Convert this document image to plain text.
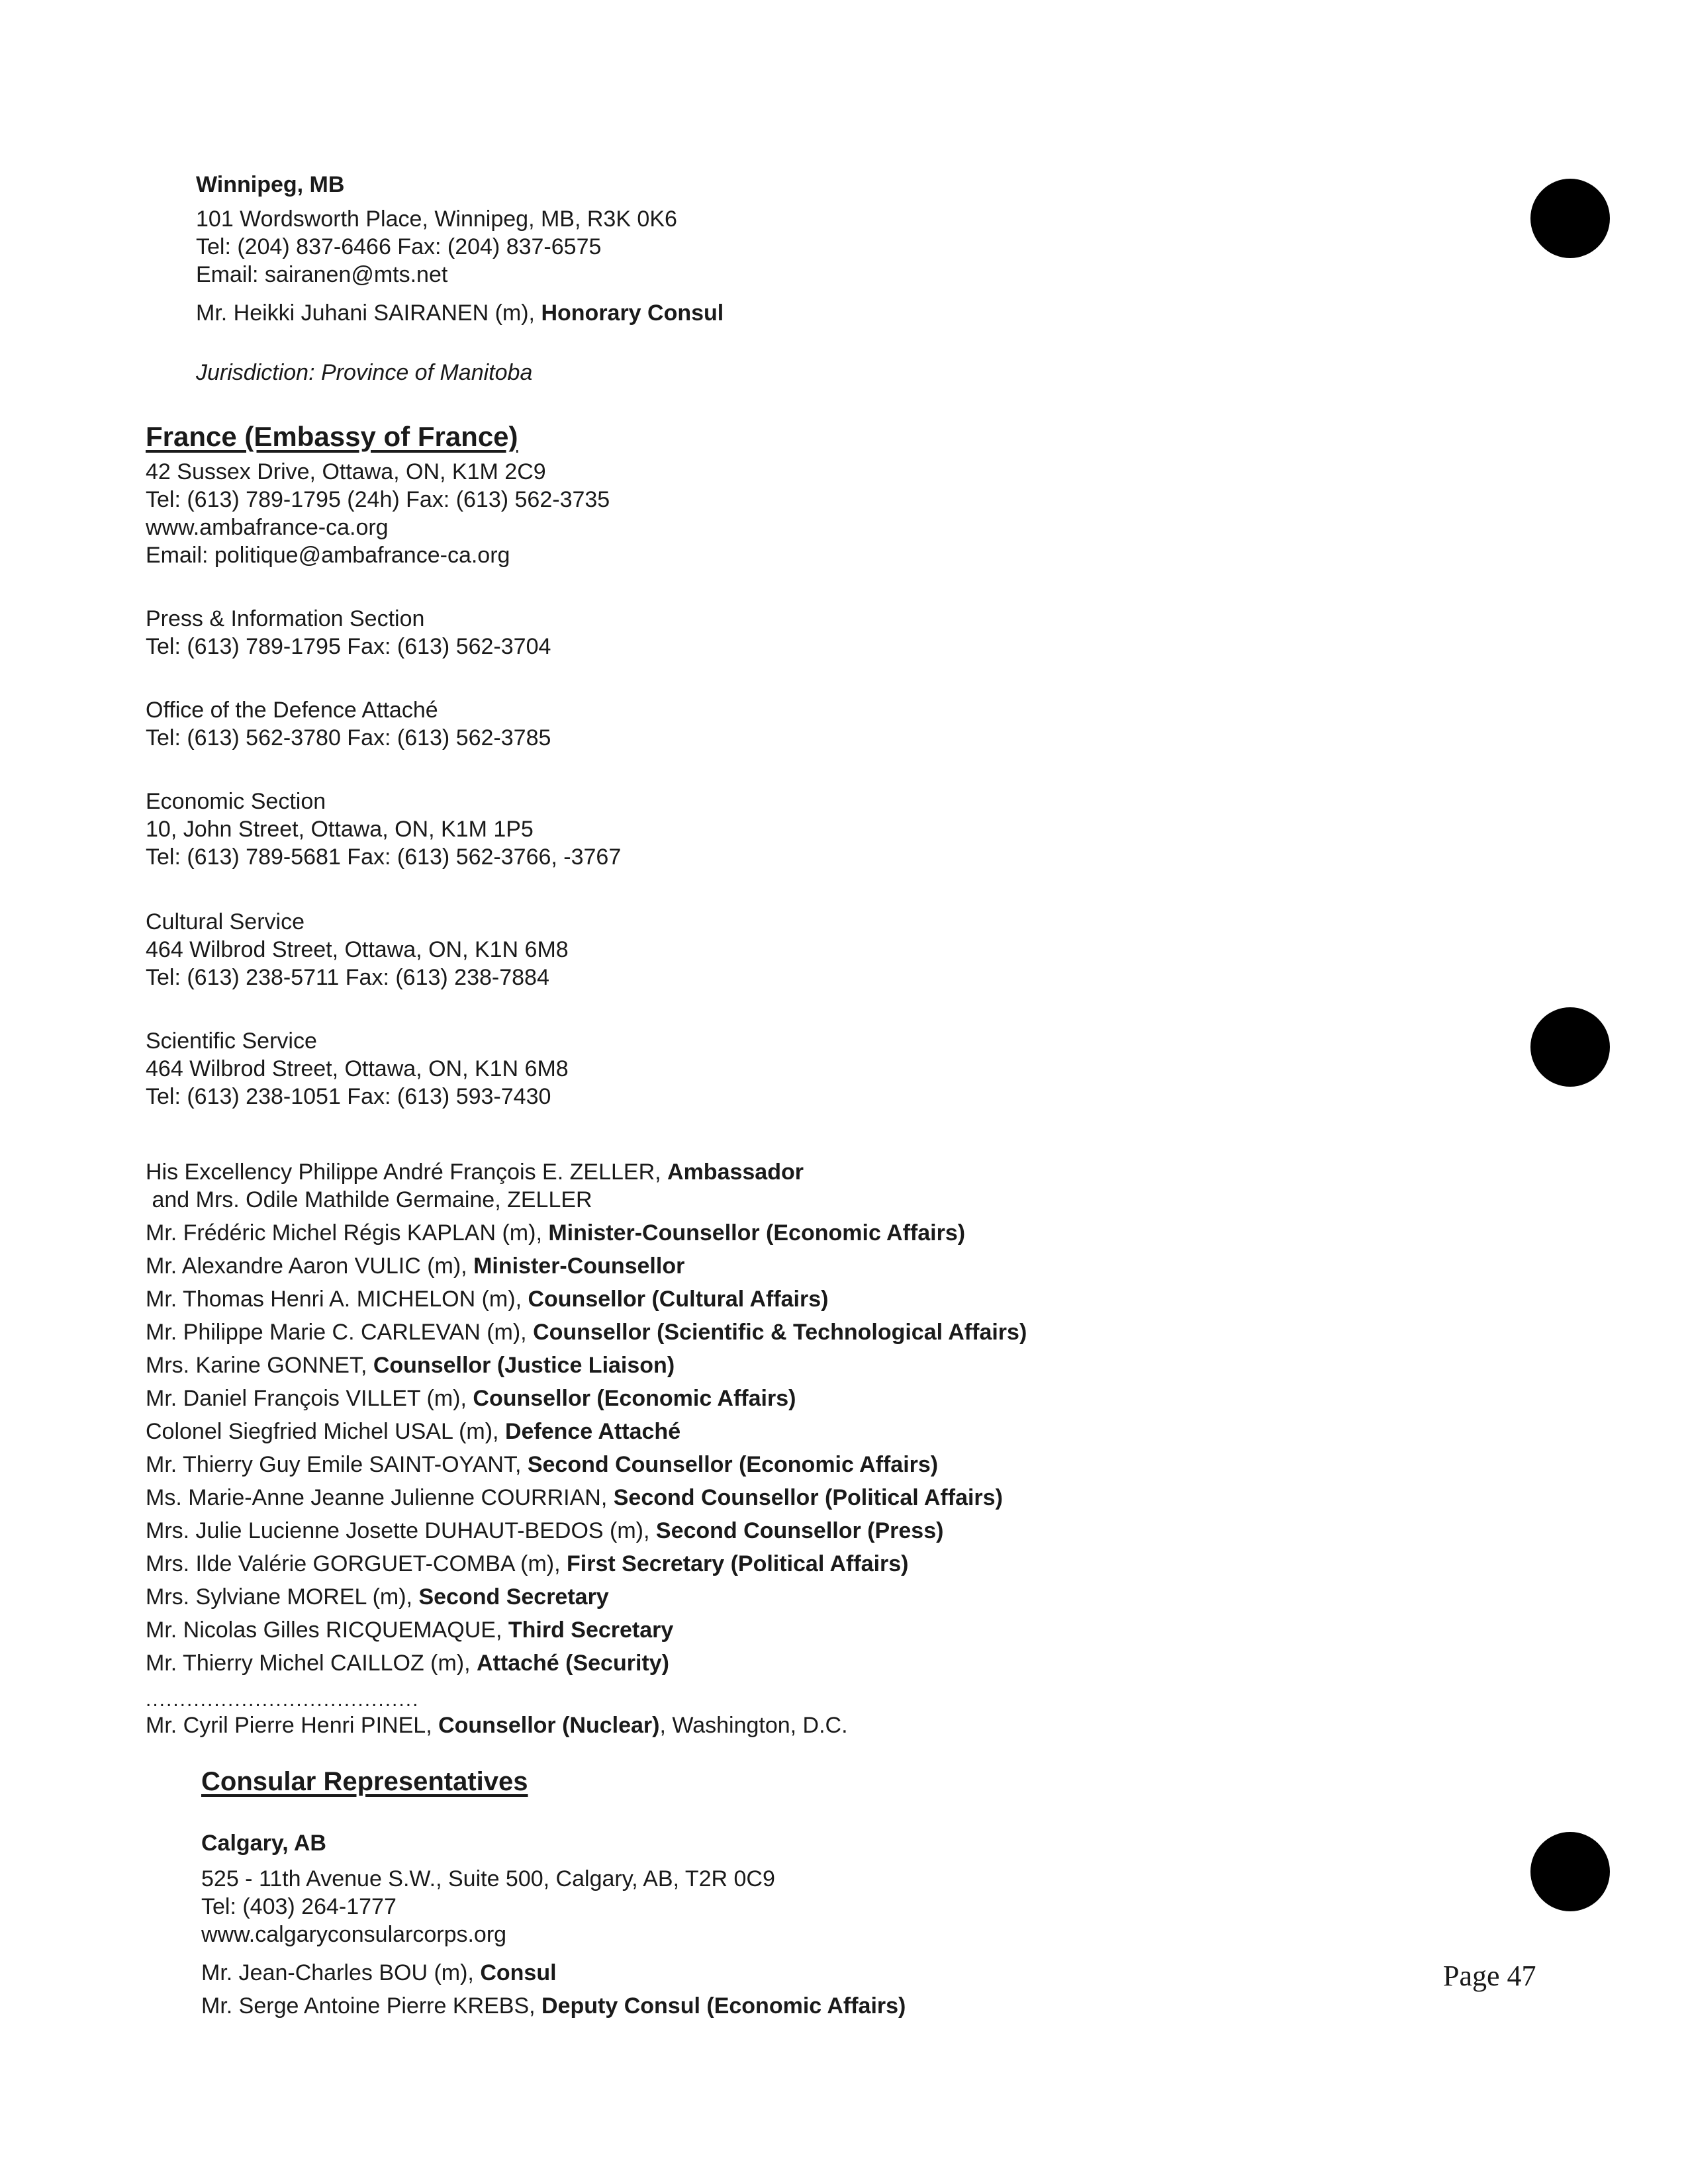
Winnipeg, MB
101 Wordsworth Place, Winnipeg, MB, R3K 0K6
Tel: (204) 837-6466 Fax: (204) 837-6575
Email: sairanen@mts.net
Mr. Heikki Juhani SAIRANEN (m), Honorary Consul
Jurisdiction: Province of Manitoba
France (Embassy of France)
42 Sussex Drive, Ottawa, ON, K1M 2C9
Tel: (613) 789-1795 (24h) Fax: (613) 562-3735
www.ambafrance-ca.org
Email: politique@ambafrance-ca.org
Press & Information Section
Tel: (613) 789-1795 Fax: (613) 562-3704
Office of the Defence Attaché
Tel: (613) 562-3780 Fax: (613) 562-3785
Economic Section
10, John Street, Ottawa, ON, K1M 1P5
Tel: (613) 789-5681 Fax: (613) 562-3766, -3767
Cultural Service
464 Wilbrod Street, Ottawa, ON, K1N 6M8
Tel: (613) 238-5711 Fax: (613) 238-7884
Scientific Service
464 Wilbrod Street, Ottawa, ON, K1N 6M8
Tel: (613) 238-1051 Fax: (613) 593-7430
His Excellency Philippe André François E. ZELLER, Ambassador
and Mrs. Odile Mathilde Germaine, ZELLER
Mr. Frédéric Michel Régis KAPLAN (m), Minister-Counsellor (Economic Affairs)
Mr. Alexandre Aaron VULIC (m), Minister-Counsellor
Mr. Thomas Henri A. MICHELON (m), Counsellor (Cultural Affairs)
Mr. Philippe Marie C. CARLEVAN (m), Counsellor (Scientific & Technological Affairs)
Mrs. Karine GONNET, Counsellor (Justice Liaison)
Mr. Daniel François VILLET (m), Counsellor (Economic Affairs)
Colonel Siegfried Michel USAL (m), Defence Attaché
Mr. Thierry Guy Emile SAINT-OYANT, Second Counsellor (Economic Affairs)
Ms. Marie-Anne Jeanne Julienne COURRIAN, Second Counsellor (Political Affairs)
Mrs. Julie Lucienne Josette DUHAUT-BEDOS (m), Second Counsellor (Press)
Mrs. Ilde Valérie GORGUET-COMBA (m), First Secretary (Political Affairs)
Mrs. Sylviane MOREL (m), Second Secretary
Mr. Nicolas Gilles RICQUEMAQUE, Third Secretary
Mr. Thierry Michel CAILLOZ (m), Attaché (Security)
........................................
Mr. Cyril Pierre Henri PINEL, Counsellor (Nuclear), Washington, D.C.
Consular Representatives
Calgary, AB
525 - 11th Avenue S.W., Suite 500, Calgary, AB, T2R 0C9
Tel: (403) 264-1777
www.calgaryconsularcorps.org
Mr. Jean-Charles BOU (m), Consul
Mr. Serge Antoine Pierre KREBS, Deputy Consul (Economic Affairs)
Page 47
